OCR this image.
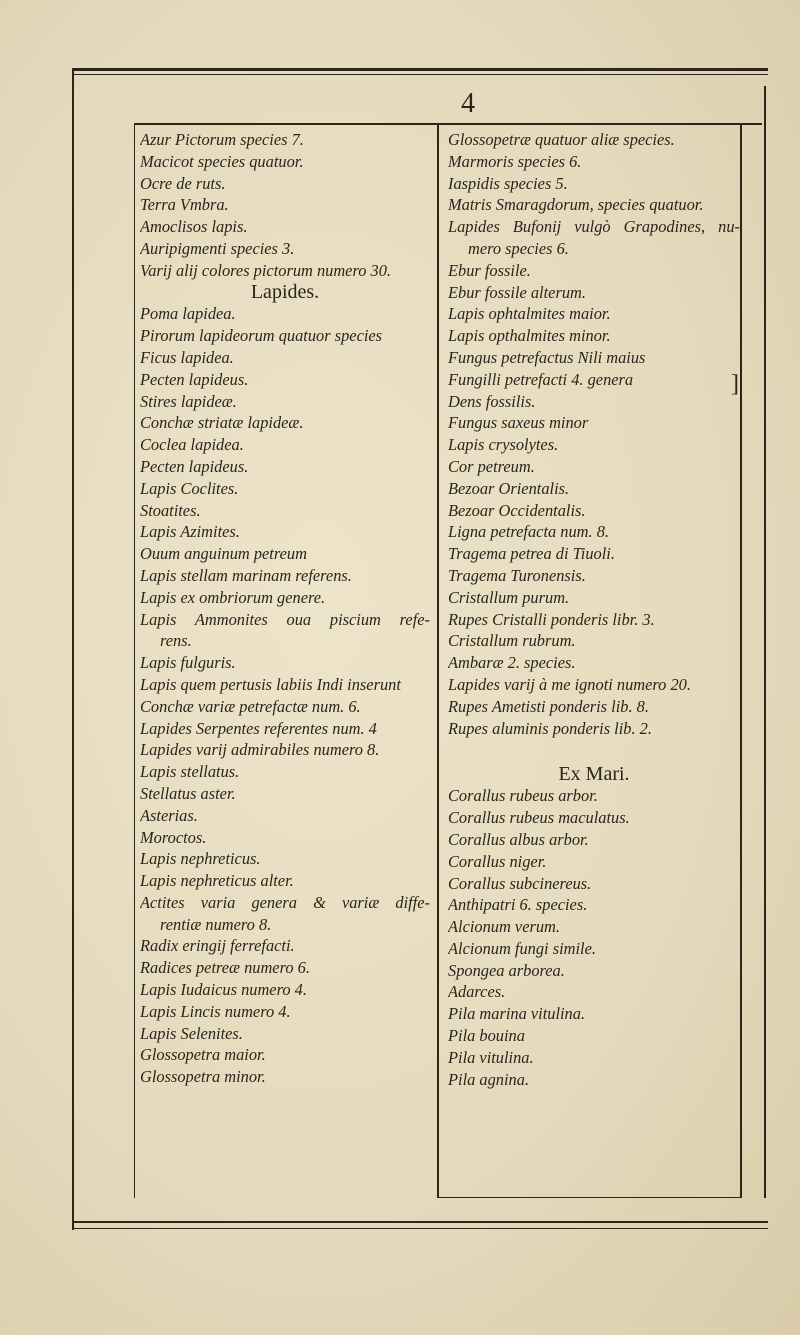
4
Azur Pictorum species 7.
Macicot species quatuor.
Ocre de ruts.
Terra Vmbra.
Amoclisos lapis.
Auripigmenti species 3.
Varij alij colores pictorum numero 30.
Lapides.
Poma lapidea.
Pirorum lapideorum quatuor species
Ficus lapidea.
Pecten lapideus.
Stires lapideæ.
Conchæ striatæ lapideæ.
Coclea lapidea.
Pecten lapideus.
Lapis Coclites.
Stoatites.
Lapis Azimites.
Ouum anguinum petreum
Lapis stellam marinam referens.
Lapis ex ombriorum genere.
Lapis Ammonites oua piscium refe-
rens.
Lapis fulguris.
Lapis quem pertusis labiis Indi inserunt
Conchæ variæ petrefactæ num. 6.
Lapides Serpentes referentes num. 4
Lapides varij admirabiles numero 8.
Lapis stellatus.
Stellatus aster.
Asterias.
Moroctos.
Lapis nephreticus.
Lapis nephreticus alter.
Actites varia genera & variæ diffe-
rentiæ numero 8.
Radix eringij ferrefacti.
Radices petreæ numero 6.
Lapis Iudaicus numero 4.
Lapis Lincis numero 4.
Lapis Selenites.
Glossopetra maior.
Glossopetra minor.
Glossopetræ quatuor aliæ species.
Marmoris species 6.
Iaspidis species 5.
Matris Smaragdorum, species quatuor.
Lapides Bufonij vulgò Grapodines, nu-
mero species 6.
Ebur fossile.
Ebur fossile alterum.
Lapis ophtalmites maior.
Lapis opthalmites minor.
Fungus petrefactus Nili maius
Fungilli petrefacti 4. genera
Dens fossilis.
Fungus saxeus minor
Lapis crysolytes.
Cor petreum.
Bezoar Orientalis.
Bezoar Occidentalis.
Ligna petrefacta num. 8.
Tragema petrea di Tiuoli.
Tragema Turonensis.
Cristallum purum.
Rupes Cristalli ponderis libr. 3.
Cristallum rubrum.
Ambaræ 2. species.
Lapides varij à me ignoti numero 20.
Rupes Ametisti ponderis lib. 8.
Rupes aluminis ponderis lib. 2.
Ex Mari.
Corallus rubeus arbor.
Corallus rubeus maculatus.
Corallus albus arbor.
Corallus niger.
Corallus subcinereus.
Anthipatri 6. species.
Alcionum verum.
Alcionum fungi simile.
Spongea arborea.
Adarces.
Pila marina vitulina.
Pila bouina
Pila vitulina.
Pila agnina.
]
